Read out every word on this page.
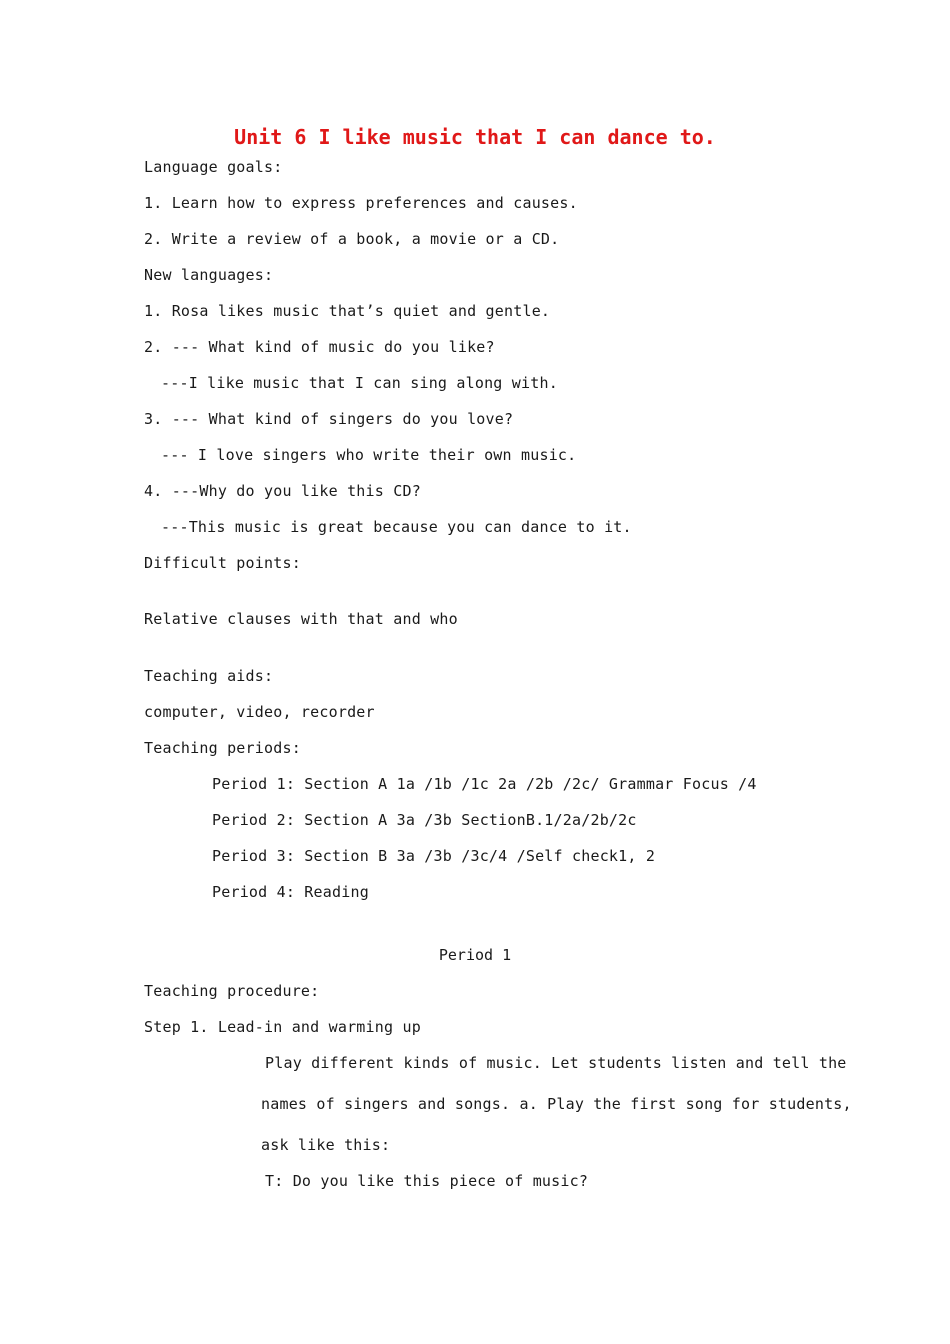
Unit 6 I like music that I can dance to.
Language goals:
1. Learn how to express preferences and causes.
2. Write a review of a book, a movie or a CD.
New languages:
1. Rosa likes music that’s quiet and gentle.
2. --- What kind of music do you like?
---I like music that I can sing along with.
3. --- What kind of singers do you love?
--- I love singers who write their own music.
4. ---Why do you like this CD?
---This music is great because you can dance to it.
Difficult points:
Relative clauses with that and who
Teaching aids:
computer, video, recorder
Teaching periods:
Period 1: Section A 1a /1b /1c 2a /2b /2c/ Grammar Focus /4
Period 2: Section A 3a /3b SectionB.1/2a/2b/2c
Period 3: Section B 3a /3b /3c/4 /Self check1, 2
Period 4: Reading
Period 1
Teaching procedure:
Step 1. Lead-in and warming up
Play different kinds of music. Let students listen and tell the
names of singers and songs. a. Play the first song for students,
ask like this:
T: Do you like this piece of music?
